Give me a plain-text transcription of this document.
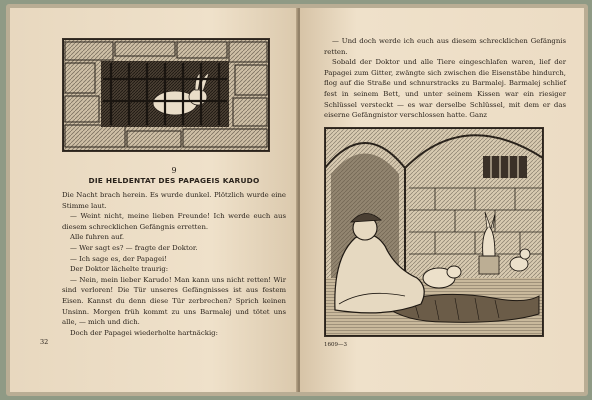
9
DIE HELDENTAT DES PAPAGEIS KARUDO

Die Nacht brach herein. Es wurde dunkel. Plötzlich wurde eine Stimme laut.

— Weint nicht, meine lieben Freunde! Ich werde euch aus diesem schrecklichen Gefängnis erretten.

Alle fuhren auf.

— Wer sagt es? — fragte der Doktor.

— Ich sage es, der Papagei!

Der Doktor lächelte traurig:

— Nein, mein lieber Karudo! Man kann uns nicht retten! Wir sind verloren! Die Tür unseres Gefängnisses ist aus festem Eisen. Kannst du denn diese Tür zerbrechen? Sprich keinen Unsinn. Morgen früh kommt zu uns Barmalej und tötet uns alle, — mich und dich.

Doch der Papagei wiederholte hartnäckig:

32

— Und doch werde ich euch aus diesem schrecklichen Gefängnis retten.

Sobald der Doktor und alle Tiere eingeschlafen waren, lief der Papagei zum Gitter, zwängte sich zwischen die Eisenstäbe hindurch, flog auf die Straße und schnurstracks zu Barmalej. Barmalej schlief fest in seinem Bett, und unter seinem Kissen war ein riesiger Schlüssel versteckt — es war derselbe Schlüssel, mit dem er das eiserne Gefängnistor verschlossen hatte. Ganz

1609—3
